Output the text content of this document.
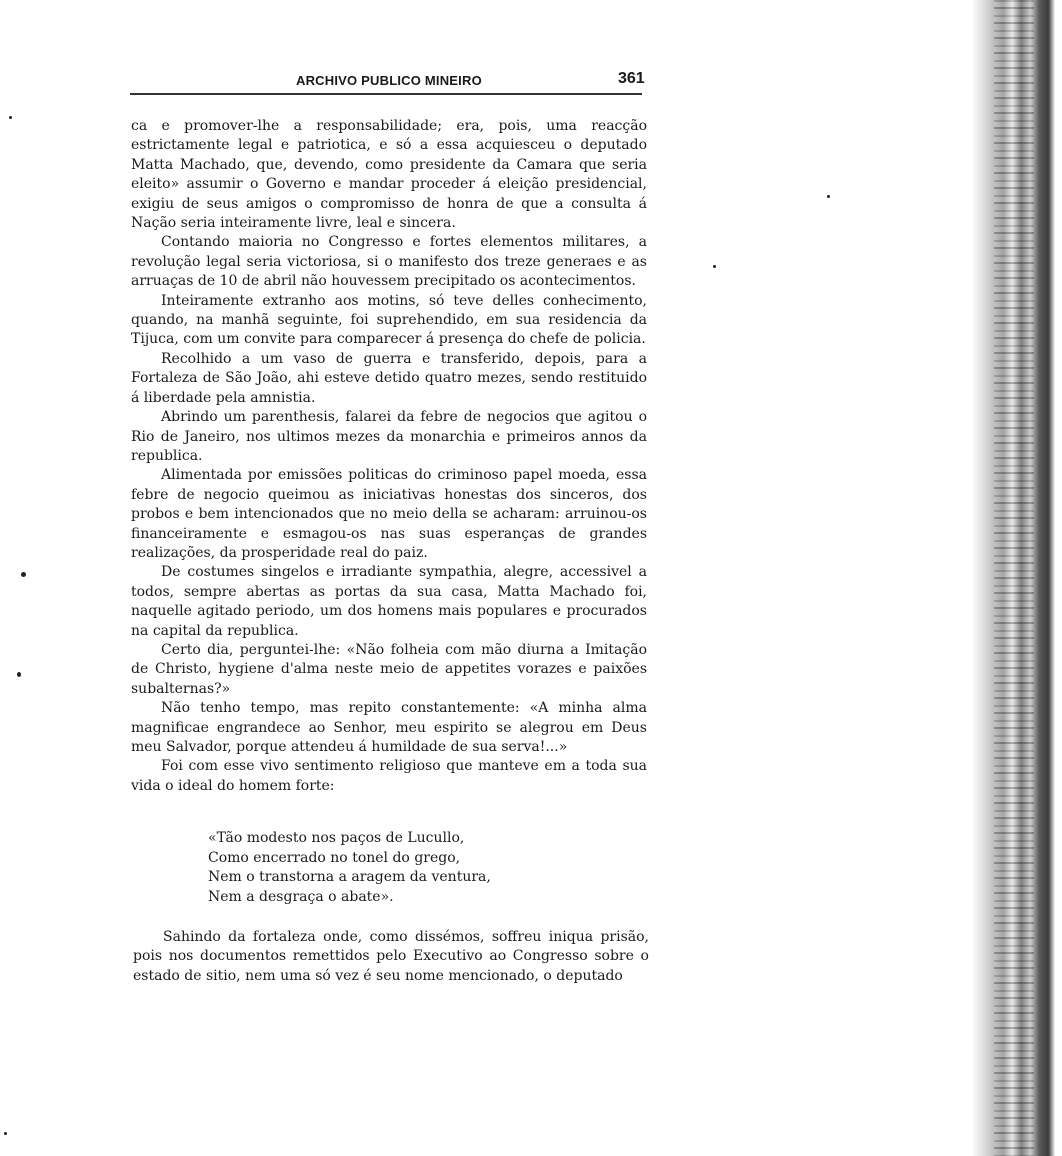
ARCHIVO PUBLICO MINEIRO	361

ca e promover-lhe a responsabilidade; era, pois, uma reacção estrictamente legal e patriotica, e só a essa acquiesceu o deputado Matta Machado, que, devendo, como presidente da Camara que seria eleito» assumir o Governo e mandar proceder á eleição presidencial, exigiu de seus amigos o compromisso de honra de que a consulta á Nação seria inteiramente livre, leal e sincera.

Contando maioria no Congresso e fortes elementos militares, a revolução legal seria victoriosa, si o manifesto dos treze generaes e as arruaças de 10 de abril não houvessem precipitado os acontecimentos.

Inteiramente extranho aos motins, só teve delles conhecimento, quando, na manhã seguinte, foi suprehendido, em sua residencia da Tijuca, com um convite para comparecer á presença do chefe de policia.

Recolhido a um vaso de guerra e transferido, depois, para a Fortaleza de São João, ahi esteve detido quatro mezes, sendo restituido á liberdade pela amnistia.

Abrindo um parenthesis, falarei da febre de negocios que agitou o Rio de Janeiro, nos ultimos mezes da monarchia e primeiros annos da republica.

Alimentada por emissões politicas do criminoso papel moeda, essa febre de negocio queimou as iniciativas honestas dos sinceros, dos probos e bem intencionados que no meio della se acharam: arruinou-os financeiramente e esmagou-os nas suas esperanças de grandes realizações, da prosperidade real do paiz.

De costumes singelos e irradiante sympathia, alegre, accessivel a todos, sempre abertas as portas da sua casa, Matta Machado foi, naquelle agitado periodo, um dos homens mais populares e procurados na capital da republica.

Certo dia, perguntei-lhe: «Não folheia com mão diurna a Imitação de Christo, hygiene d'alma neste meio de appetites vorazes e paixões subalternas?»

Não tenho tempo, mas repito constantemente: «A minha alma magnificae engrandece ao Senhor, meu espirito se alegrou em Deus meu Salvador, porque attendeu á humildade de sua serva!...»

Foi com esse vivo sentimento religioso que manteve em a toda sua vida o ideal do homem forte:

«Tão modesto nos paços de Lucullo,
Como encerrado no tonel do grego,
Nem o transtorna a aragem da ventura,
Nem a desgraça o abate».

Sahindo da fortaleza onde, como dissémos, soffreu iniqua prisão, pois nos documentos remettidos pelo Executivo ao Congresso sobre o estado de sitio, nem uma só vez é seu nome mencionado, o deputado
